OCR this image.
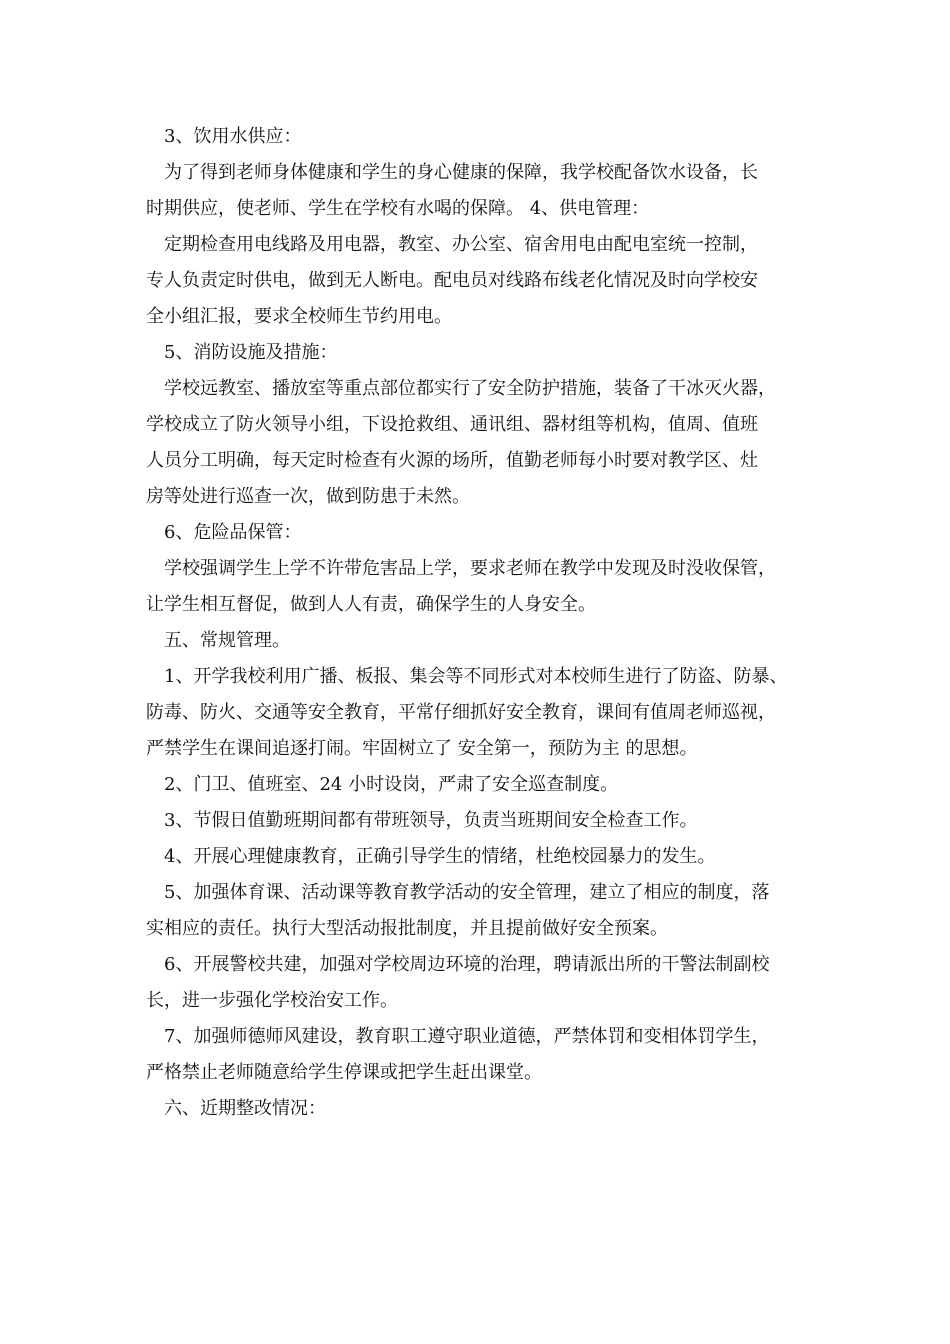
3、饮用水供应：

为了得到老师身体健康和学生的身心健康的保障，我学校配备饮水设备，长

时期供应，使老师、学生在学校有水喝的保障。 4、供电管理：

定期检查用电线路及用电器，教室、办公室、宿舍用电由配电室统一控制，

专人负责定时供电，做到无人断电。配电员对线路布线老化情况及时向学校安

全小组汇报，要求全校师生节约用电。

5、消防设施及措施：

学校远教室、播放室等重点部位都实行了安全防护措施，装备了干冰灭火器，

学校成立了防火领导小组，下设抢救组、通讯组、器材组等机构，值周、值班

人员分工明确，每天定时检查有火源的场所，值勤老师每小时要对教学区、灶

房等处进行巡查一次，做到防患于未然。

6、危险品保管：

学校强调学生上学不许带危害品上学，要求老师在教学中发现及时没收保管，

让学生相互督促，做到人人有责，确保学生的人身安全。

五、常规管理。

1、开学我校利用广播、板报、集会等不同形式对本校师生进行了防盗、防暴、

防毒、防火、交通等安全教育，平常仔细抓好安全教育，课间有值周老师巡视，

严禁学生在课间追逐打闹。牢固树立了 安全第一，预防为主 的思想。

2、门卫、值班室、24 小时设岗，严肃了安全巡查制度。

3、节假日值勤班期间都有带班领导，负责当班期间安全检查工作。

4、开展心理健康教育，正确引导学生的情绪，杜绝校园暴力的发生。

5、加强体育课、活动课等教育教学活动的安全管理，建立了相应的制度，落

实相应的责任。执行大型活动报批制度，并且提前做好安全预案。

6、开展警校共建，加强对学校周边环境的治理，聘请派出所的干警法制副校

长，进一步强化学校治安工作。

7、加强师德师风建设，教育职工遵守职业道德，严禁体罚和变相体罚学生，

严格禁止老师随意给学生停课或把学生赶出课堂。

六、近期整改情况：
